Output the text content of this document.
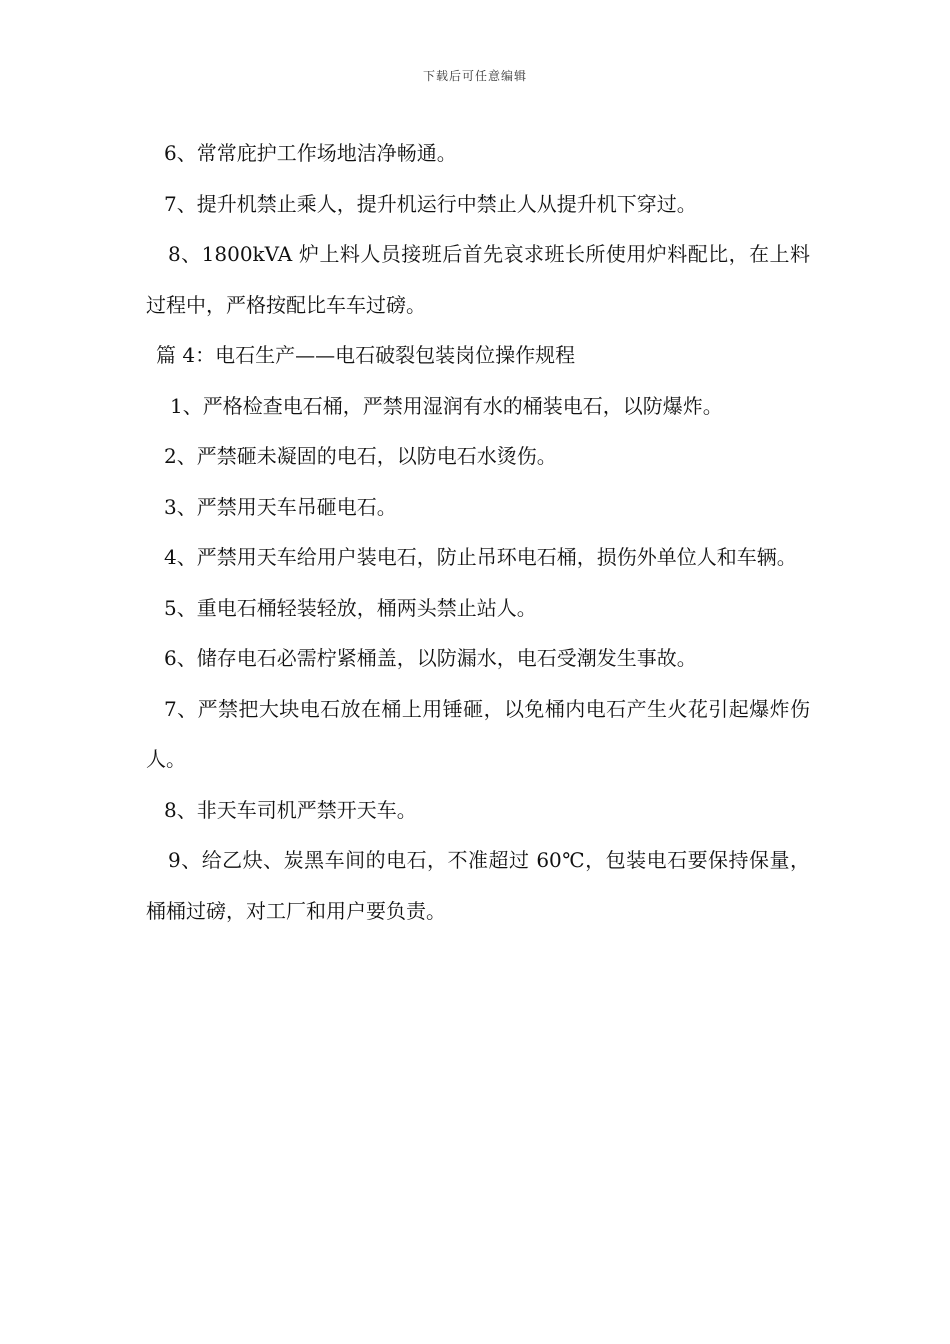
下载后可任意编辑

6、常常庇护工作场地洁净畅通。

7、提升机禁止乘人，提升机运行中禁止人从提升机下穿过。

8、1800kVA 炉上料人员接班后首先哀求班长所使用炉料配比，在上料过程中，严格按配比车车过磅。

篇 4：电石生产——电石破裂包装岗位操作规程

1、严格检查电石桶，严禁用湿润有水的桶装电石，以防爆炸。

2、严禁砸未凝固的电石，以防电石水烫伤。

3、严禁用天车吊砸电石。

4、严禁用天车给用户装电石，防止吊环电石桶，损伤外单位人和车辆。

5、重电石桶轻装轻放，桶两头禁止站人。

6、储存电石必需柠紧桶盖，以防漏水，电石受潮发生事故。

7、严禁把大块电石放在桶上用锤砸，以免桶内电石产生火花引起爆炸伤人。

8、非天车司机严禁开天车。

9、给乙炔、炭黑车间的电石，不准超过 60℃，包装电石要保持保量，桶桶过磅，对工厂和用户要负责。
